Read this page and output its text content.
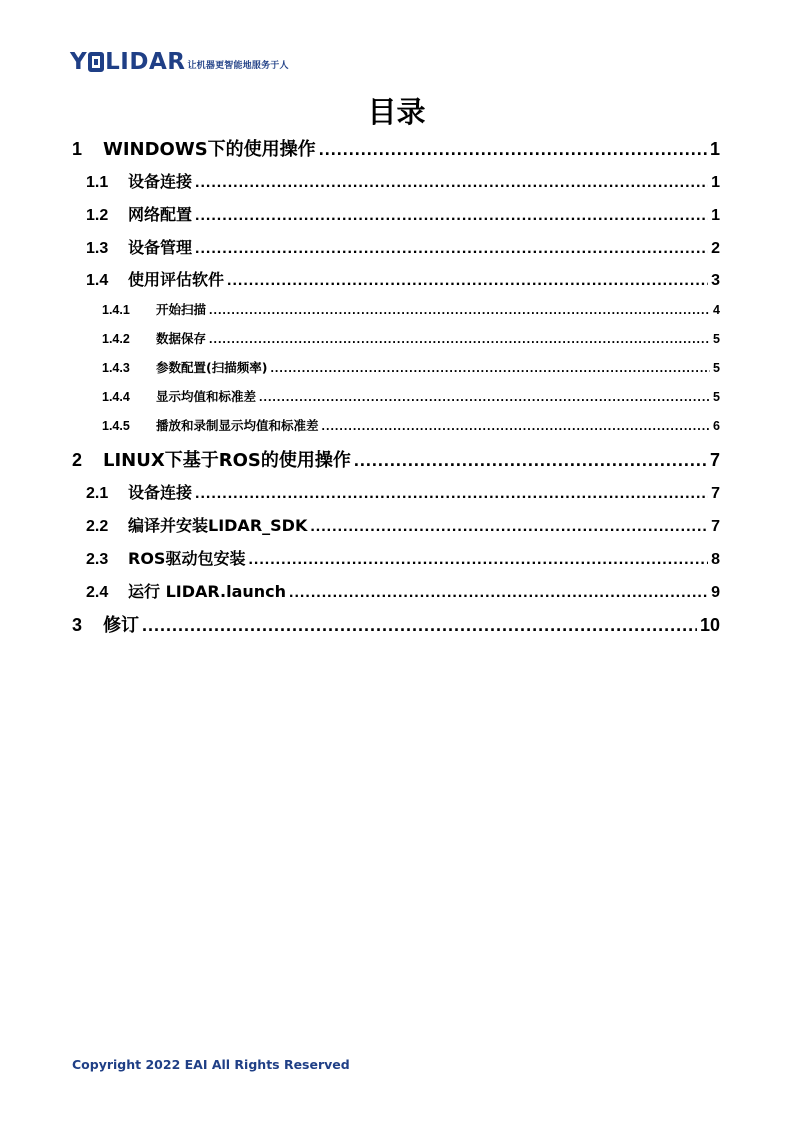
Y LIDAR 让机器更智能地服务于人
目录
1	WINDOWS下的使用操作 .....	1
1.1	设备连接 .....	1
1.2	网络配置 .....	1
1.3	设备管理 .....	2
1.4	使用评估软件 .....	3
1.4.1	开始扫描 .....	4
1.4.2	数据保存 .....	5
1.4.3	参数配置(扫描频率) .....	5
1.4.4	显示均值和标准差 .....	5
1.4.5	播放和录制显示均值和标准差 .....	6
2	LINUX下基于ROS的使用操作 .....	7
2.1	设备连接 .....	7
2.2	编译并安装LIDAR_SDK .....	7
2.3	ROS驱动包安装 .....	8
2.4	运行 LIDAR.launch .....	9
3	修订 .....	10
Copyright 2022 EAI All Rights Reserved
